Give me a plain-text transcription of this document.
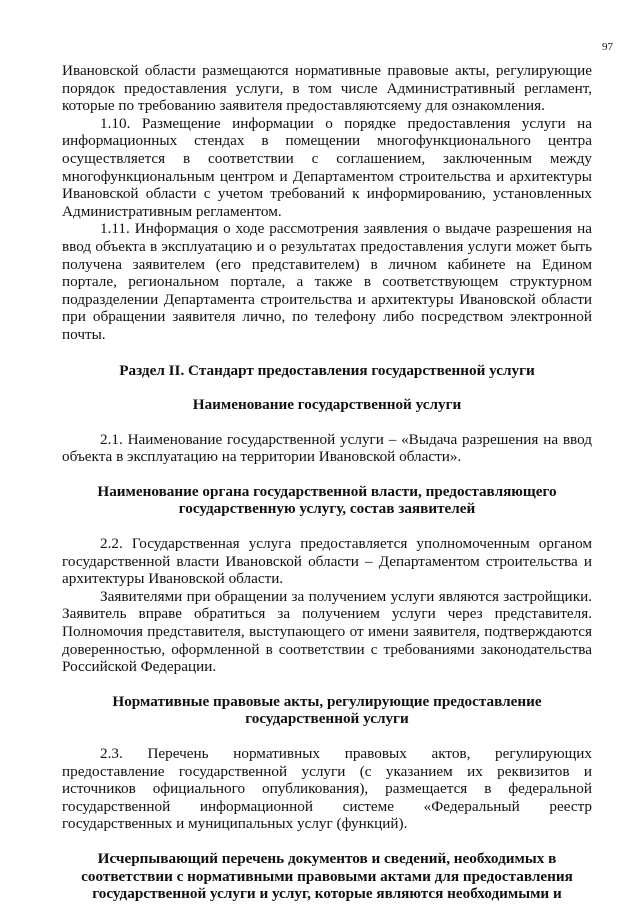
97

Ивановской области размещаются нормативные правовые акты, регулирующие порядок предоставления услуги, в том числе Административный регламент, которые по требованию заявителя предоставляютсяему для ознакомления.

1.10. Размещение информации о порядке предоставления услуги на информационных стендах в помещении многофункционального центра осуществляется в соответствии с соглашением, заключенным между многофункциональным центром и Департаментом строительства и архитектуры Ивановской области с учетом требований к информированию, установленных Административным регламентом.

1.11. Информация о ходе рассмотрения заявления о выдаче разрешения на ввод объекта в эксплуатацию и о результатах предоставления услуги может быть получена заявителем (его представителем) в личном кабинете на Едином портале, региональном портале, а также в соответствующем структурном подразделении Департамента строительства и архитектуры Ивановской области при обращении заявителя лично, по телефону либо посредством электронной почты.

Раздел II. Стандарт предоставления государственной услуги

Наименование государственной услуги

2.1. Наименование государственной услуги – «Выдача разрешения на ввод объекта в эксплуатацию на территории Ивановской области».

Наименование органа государственной власти, предоставляющего
государственную услугу, состав заявителей

2.2. Государственная услуга предоставляется уполномоченным органом государственной власти Ивановской области – Департаментом строительства и архитектуры Ивановской области.

Заявителями при обращении за получением услуги являются застройщики. Заявитель вправе обратиться за получением услуги через представителя. Полномочия представителя, выступающего от имени заявителя, подтверждаются доверенностью, оформленной в соответствии с требованиями законодательства Российской Федерации.

Нормативные правовые акты, регулирующие предоставление
государственной услуги

2.3. Перечень нормативных правовых актов, регулирующих предоставление государственной услуги (с указанием их реквизитов и источников официального опубликования), размещается в федеральной государственной информационной системе «Федеральный реестр государственных и муниципальных услуг (функций).

Исчерпывающий перечень документов и сведений, необходимых в
соответствии с нормативными правовыми актами для предоставления
государственной услуги и услуг, которые являются необходимыми и
